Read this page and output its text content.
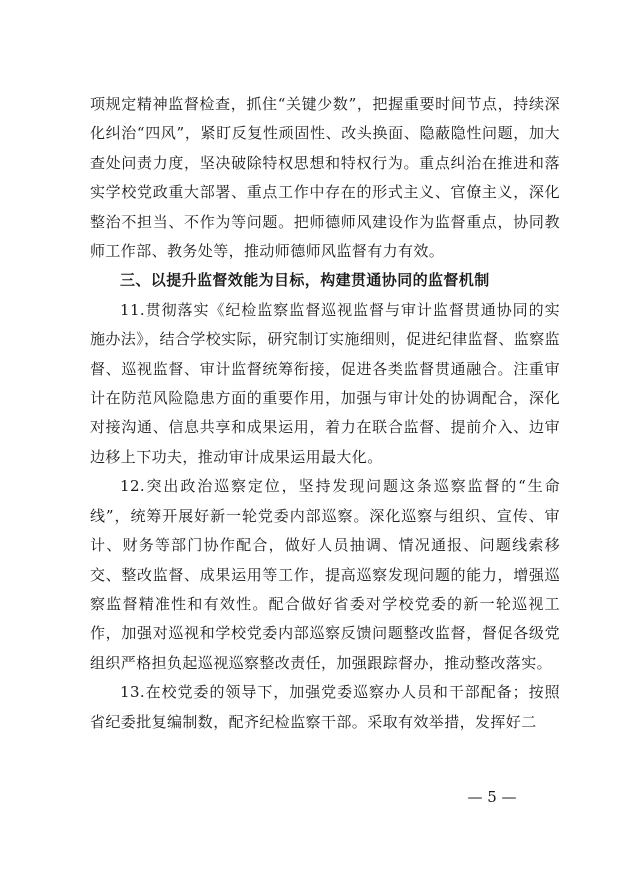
项规定精神监督检查，抓住“关键少数”，把握重要时间节点，持续深化纠治“四风”，紧盯反复性顽固性、改头换面、隐蔽隐性问题，加大查处问责力度，坚决破除特权思想和特权行为。重点纠治在推进和落实学校党政重大部署、重点工作中存在的形式主义、官僚主义，深化整治不担当、不作为等问题。把师德师风建设作为监督重点，协同教师工作部、教务处等，推动师德师风监督有力有效。

三、以提升监督效能为目标，构建贯通协同的监督机制

11.贯彻落实《纪检监察监督巡视监督与审计监督贯通协同的实施办法》，结合学校实际，研究制订实施细则，促进纪律监督、监察监督、巡视监督、审计监督统筹衔接，促进各类监督贯通融合。注重审计在防范风险隐患方面的重要作用，加强与审计处的协调配合，深化对接沟通、信息共享和成果运用，着力在联合监督、提前介入、边审边移上下功夫，推动审计成果运用最大化。

12.突出政治巡察定位，坚持发现问题这条巡察监督的“生命线”，统筹开展好新一轮党委内部巡察。深化巡察与组织、宣传、审计、财务等部门协作配合，做好人员抽调、情况通报、问题线索移交、整改监督、成果运用等工作，提高巡察发现问题的能力，增强巡察监督精准性和有效性。配合做好省委对学校党委的新一轮巡视工作，加强对巡视和学校党委内部巡察反馈问题整改监督，督促各级党组织严格担负起巡视巡察整改责任，加强跟踪督办，推动整改落实。

13.在校党委的领导下，加强党委巡察办人员和干部配备；按照省纪委批复编制数，配齐纪检监察干部。采取有效举措，发挥好二

— 5 —
